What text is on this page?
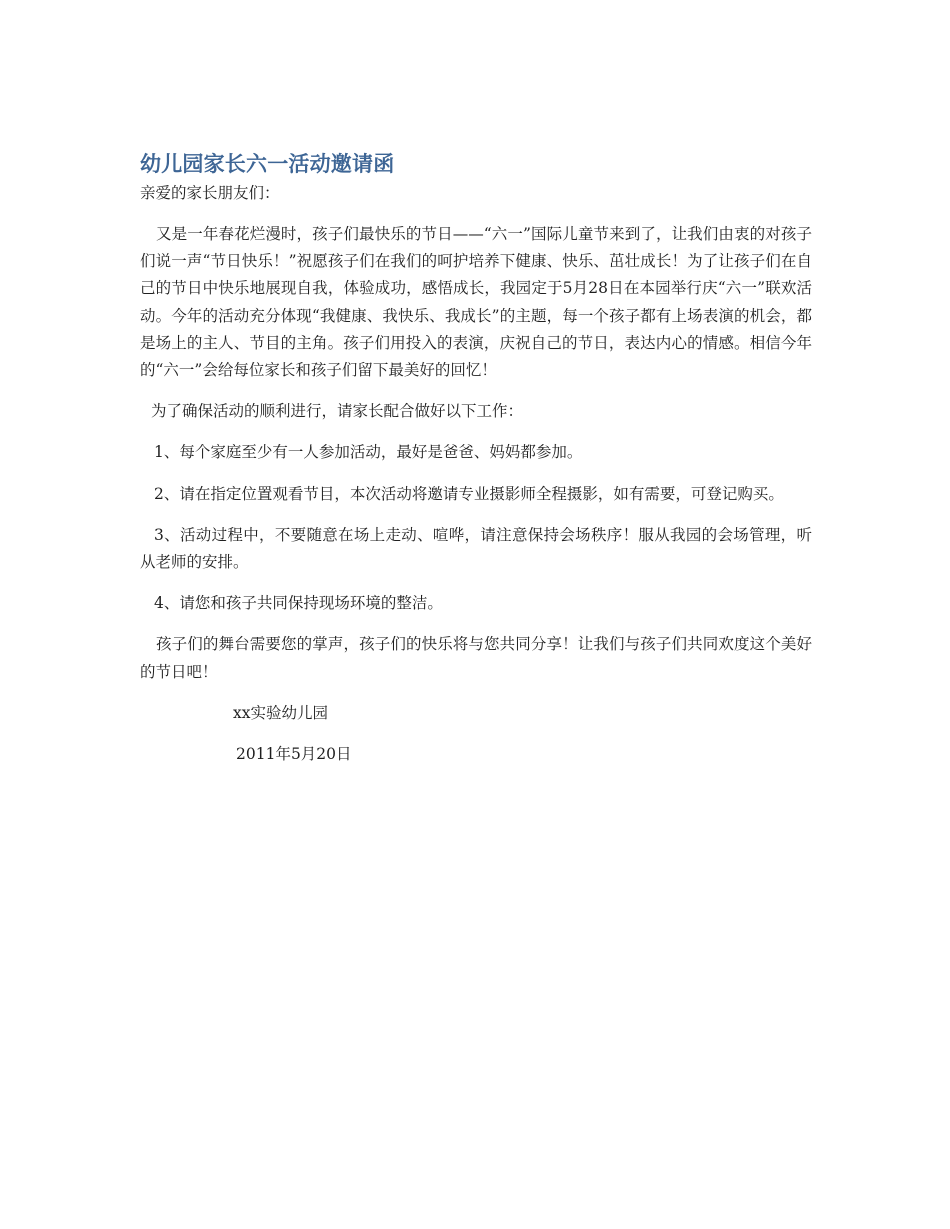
幼儿园家长六一活动邀请函

亲爱的家长朋友们：

又是一年春花烂漫时，孩子们最快乐的节日——“六一”国际儿童节来到了，让我们由衷的对孩子们说一声“节日快乐！”祝愿孩子们在我们的呵护培养下健康、快乐、茁壮成长！为了让孩子们在自己的节日中快乐地展现自我，体验成功，感悟成长，我园定于5月28日在本园举行庆“六一”联欢活动。今年的活动充分体现“我健康、我快乐、我成长”的主题，每一个孩子都有上场表演的机会，都是场上的主人、节目的主角。孩子们用投入的表演，庆祝自己的节日，表达内心的情感。相信今年的“六一”会给每位家长和孩子们留下最美好的回忆！

为了确保活动的顺利进行，请家长配合做好以下工作：

1、每个家庭至少有一人参加活动，最好是爸爸、妈妈都参加。

2、请在指定位置观看节目，本次活动将邀请专业摄影师全程摄影，如有需要，可登记购买。

3、活动过程中，不要随意在场上走动、喧哗，请注意保持会场秩序！服从我园的会场管理，听从老师的安排。

4、请您和孩子共同保持现场环境的整洁。

孩子们的舞台需要您的掌声，孩子们的快乐将与您共同分享！让我们与孩子们共同欢度这个美好的节日吧！

xx实验幼儿园

2011年5月20日
